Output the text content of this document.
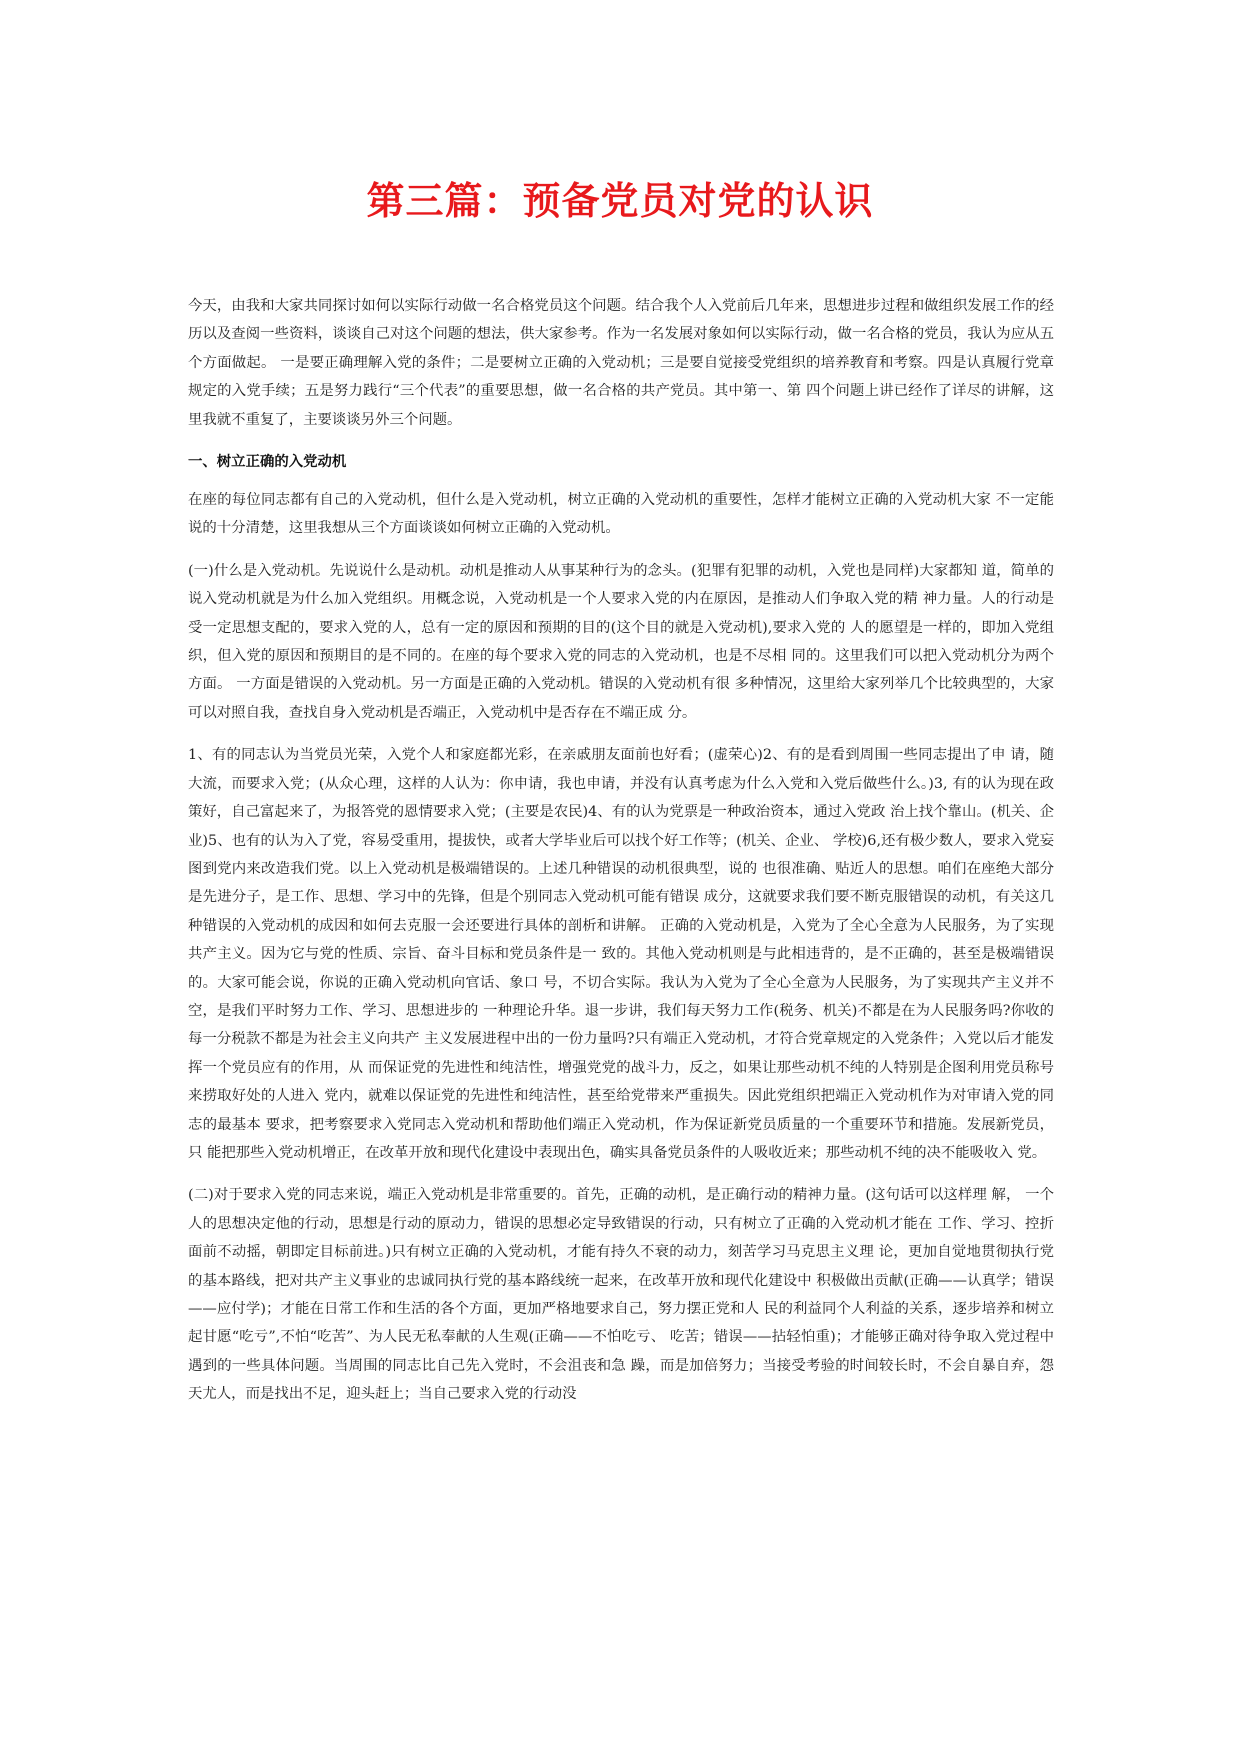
第三篇：预备党员对党的认识

今天，由我和大家共同探讨如何以实际行动做一名合格党员这个问题。结合我个人入党前后几年来，思想进步过程和做组织发展工作的经历以及查阅一些资料，谈谈自己对这个问题的想法，供大家参考。作为一名发展对象如何以实际行动，做一名合格的党员，我认为应从五个方面做起。 一是要正确理解入党的条件；二是要树立正确的入党动机；三是要自觉接受党组织的培养教育和考察。四是认真履行党章规定的入党手续；五是努力践行“三个代表”的重要思想，做一名合格的共产党员。其中第一、第 四个问题上讲已经作了详尽的讲解，这里我就不重复了，主要谈谈另外三个问题。

一、树立正确的入党动机

在座的每位同志都有自己的入党动机，但什么是入党动机，树立正确的入党动机的重要性，怎样才能树立正确的入党动机大家 不一定能说的十分清楚，这里我想从三个方面谈谈如何树立正确的入党动机。

(一)什么是入党动机。先说说什么是动机。动机是推动人从事某种行为的念头。(犯罪有犯罪的动机，入党也是同样)大家都知 道，简单的说入党动机就是为什么加入党组织。用概念说，入党动机是一个人要求入党的内在原因，是推动人们争取入党的精 神力量。人的行动是受一定思想支配的，要求入党的人，总有一定的原因和预期的目的(这个目的就是入党动机),要求入党的 人的愿望是一样的，即加入党组织，但入党的原因和预期目的是不同的。在座的每个要求入党的同志的入党动机，也是不尽相 同的。这里我们可以把入党动机分为两个方面。 一方面是错误的入党动机。另一方面是正确的入党动机。错误的入党动机有很 多种情况，这里给大家列举几个比较典型的，大家可以对照自我，查找自身入党动机是否端正，入党动机中是否存在不端正成 分。

1、有的同志认为当党员光荣，入党个人和家庭都光彩，在亲戚朋友面前也好看；(虚荣心)2、有的是看到周围一些同志提出了申 请，随大流，而要求入党；(从众心理，这样的人认为：你申请，我也申请，并没有认真考虑为什么入党和入党后做些什么。)3, 有的认为现在政策好，自己富起来了，为报答党的恩情要求入党；(主要是农民)4、有的认为党票是一种政治资本，通过入党政 治上找个靠山。(机关、企业)5、也有的认为入了党，容易受重用，提拔快，或者大学毕业后可以找个好工作等；(机关、企业、 学校)6,还有极少数人，要求入党妄图到党内来改造我们党。以上入党动机是极端错误的。上述几种错误的动机很典型，说的 也很准确、贴近人的思想。咱们在座绝大部分是先进分子，是工作、思想、学习中的先锋，但是个别同志入党动机可能有错误 成分，这就要求我们要不断克服错误的动机，有关这几种错误的入党动机的成因和如何去克服一会还要进行具体的剖析和讲解。 正确的入党动机是，入党为了全心全意为人民服务，为了实现共产主义。因为它与党的性质、宗旨、奋斗目标和党员条件是一 致的。其他入党动机则是与此相违背的，是不正确的，甚至是极端错误的。大家可能会说，你说的正确入党动机向官话、象口 号，不切合实际。我认为入党为了全心全意为人民服务，为了实现共产主义并不空，是我们平时努力工作、学习、思想进步的 一种理论升华。退一步讲，我们每天努力工作(税务、机关)不都是在为人民服务吗?你收的每一分税款不都是为社会主义向共产 主义发展进程中出的一份力量吗?只有端正入党动机，才符合党章规定的入党条件；入党以后才能发挥一个党员应有的作用，从 而保证党的先进性和纯洁性，增强党党的战斗力，反之，如果让那些动机不纯的人特别是企图利用党员称号来捞取好处的人进入 党内，就难以保证党的先进性和纯洁性，甚至给党带来严重损失。因此党组织把端正入党动机作为对审请入党的同志的最基本 要求，把考察要求入党同志入党动机和帮助他们端正入党动机，作为保证新党员质量的一个重要环节和措施。发展新党员，只 能把那些入党动机增正，在改革开放和现代化建设中表现出色，确实具备党员条件的人吸收近来；那些动机不纯的决不能吸收入 党。

(二)对于要求入党的同志来说，端正入党动机是非常重要的。首先，正确的动机，是正确行动的精神力量。(这句话可以这样理 解， 一个人的思想决定他的行动，思想是行动的原动力，错误的思想必定导致错误的行动，只有树立了正确的入党动机才能在 工作、学习、控折面前不动摇，朝即定目标前进。)只有树立正确的入党动机，才能有持久不衰的动力，刻苦学习马克思主义理 论，更加自觉地贯彻执行党的基本路线，把对共产主义事业的忠诚同执行党的基本路线统一起来，在改革开放和现代化建设中 积极做出贡献(正确——认真学；错误——应付学)；才能在日常工作和生活的各个方面，更加严格地要求自己，努力摆正党和人 民的利益同个人利益的关系，逐步培养和树立起甘愿“吃亏”,不怕“吃苦”、为人民无私奉献的人生观(正确——不怕吃亏、 吃苦；错误——拈轻怕重)；才能够正确对待争取入党过程中遇到的一些具体问题。当周围的同志比自己先入党时，不会沮丧和急 躁，而是加倍努力；当接受考验的时间较长时，不会自暴自弃，怨天尤人，而是找出不足，迎头赶上；当自己要求入党的行动没
